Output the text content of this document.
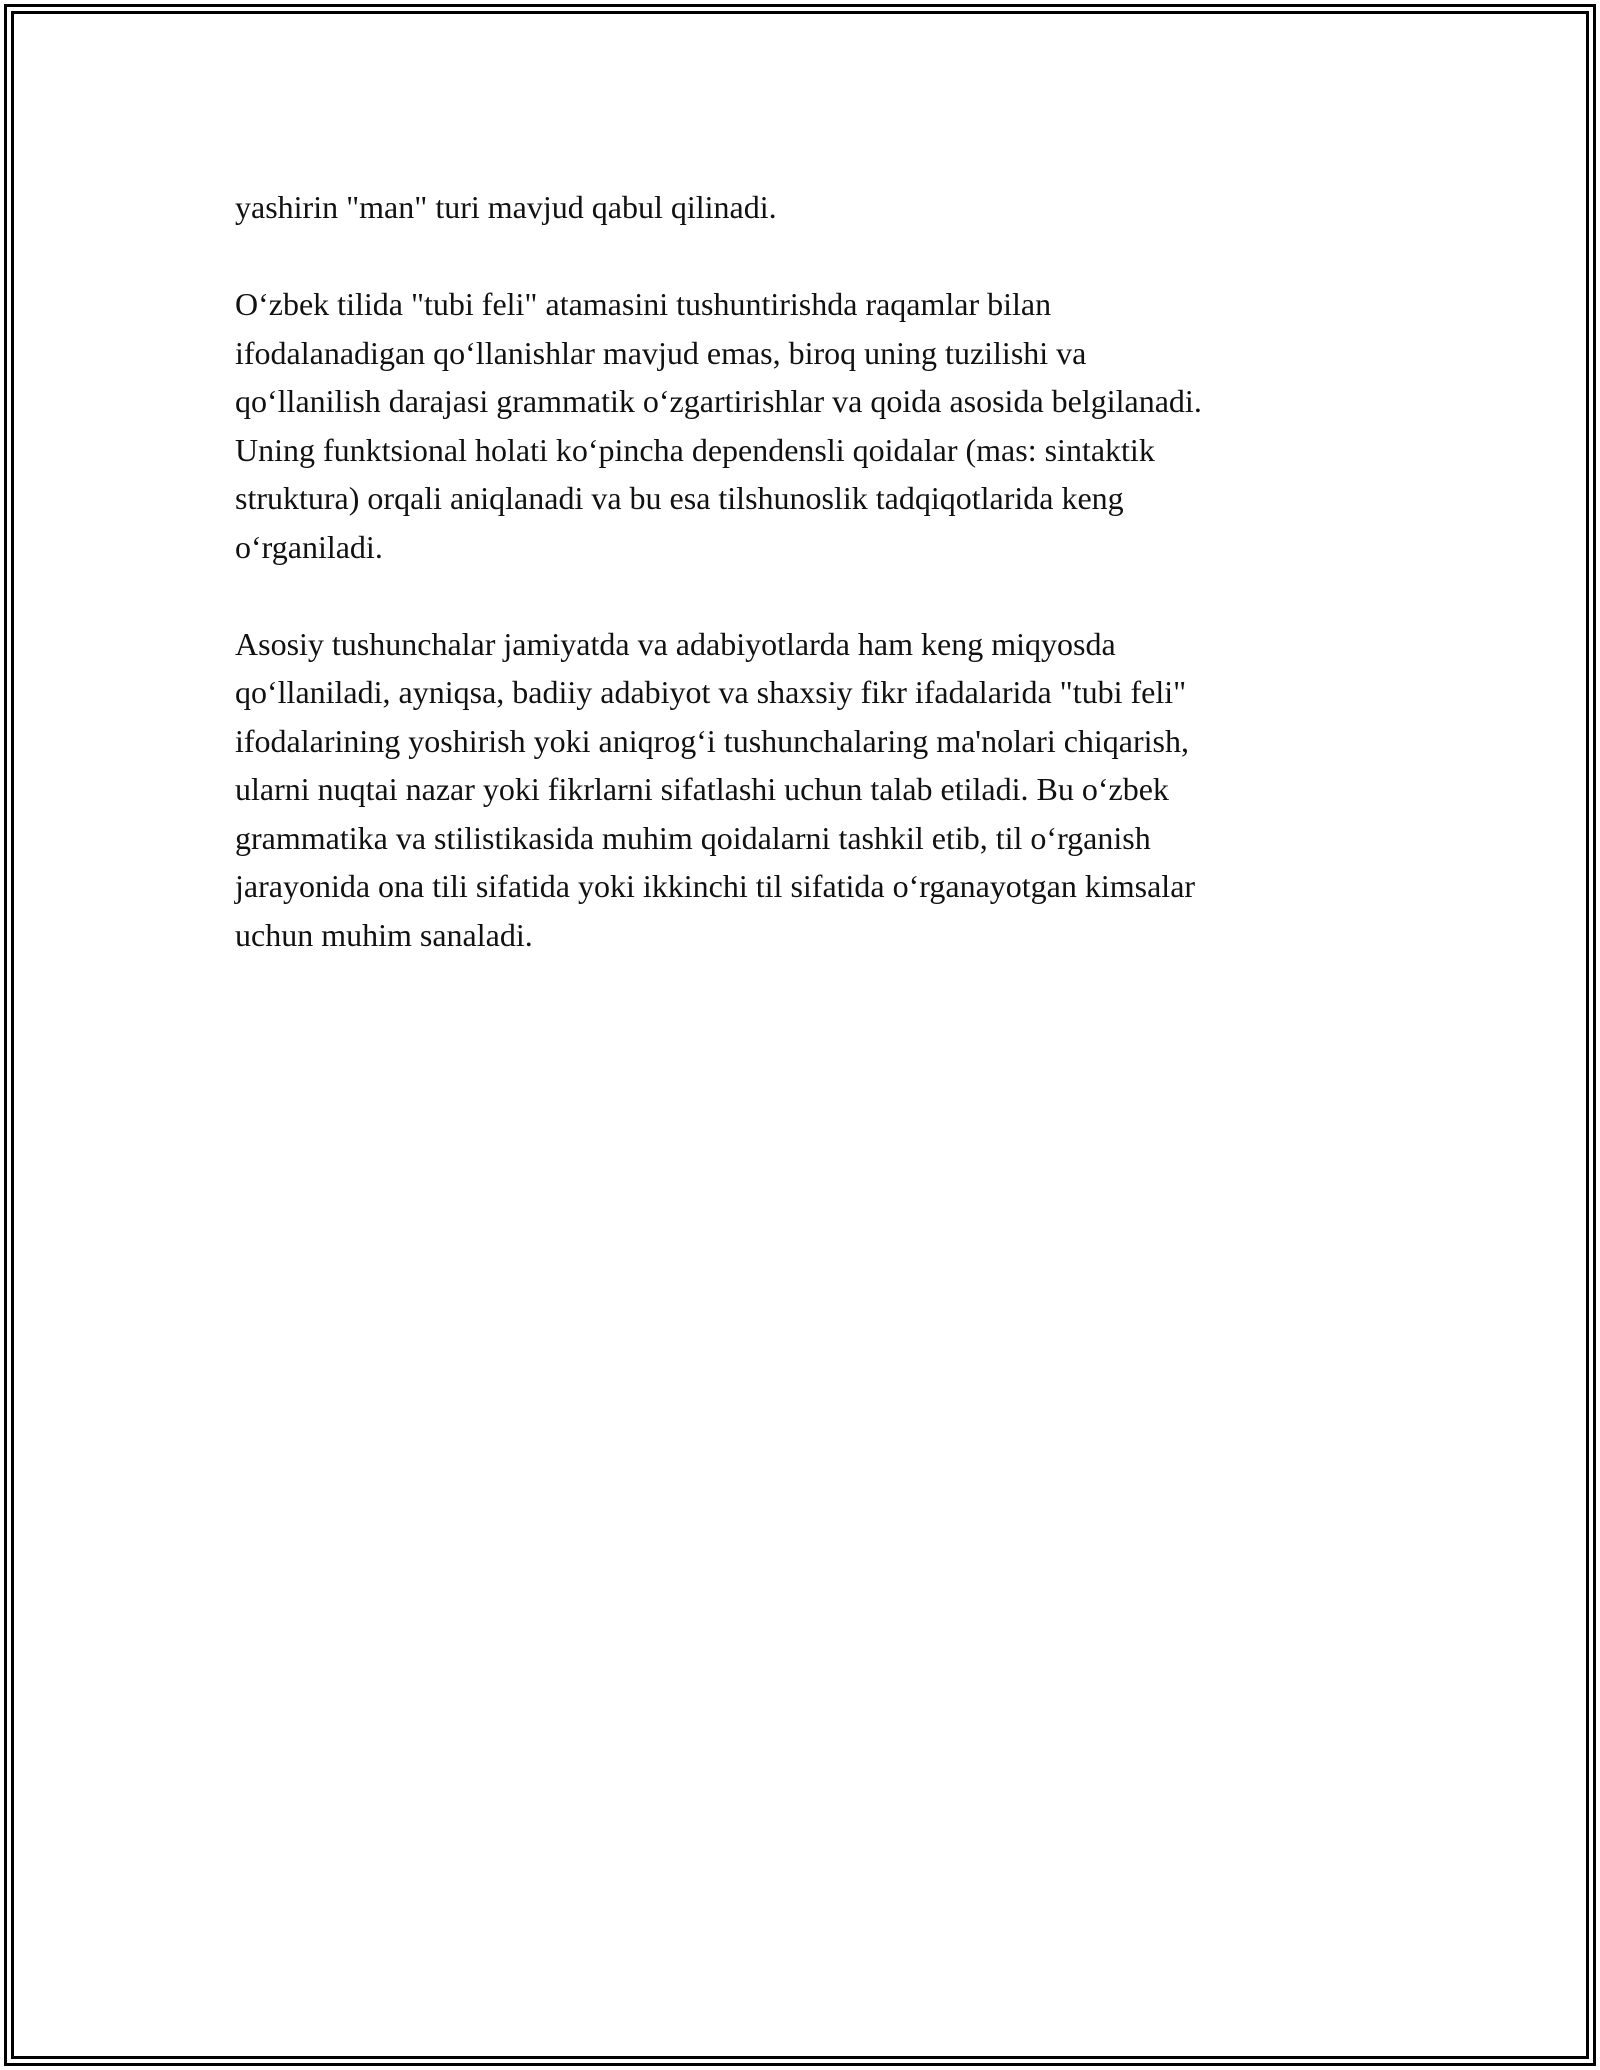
yashirin "man" turi mavjud qabul qilinadi.

O‘zbek tilida "tubi feli" atamasini tushuntirishda raqamlar bilan
ifodalanadigan qo‘llanishlar mavjud emas, biroq uning tuzilishi va
qo‘llanilish darajasi grammatik o‘zgartirishlar va qoida asosida belgilanadi.
Uning funktsional holati ko‘pincha dependensli qoidalar (mas: sintaktik
struktura) orqali aniqlanadi va bu esa tilshunoslik tadqiqotlarida keng
o‘rganiladi.

Asosiy tushunchalar jamiyatda va adabiyotlarda ham keng miqyosda
qo‘llaniladi, ayniqsa, badiiy adabiyot va shaxsiy fikr ifadalarida "tubi feli"
ifodalarining yoshirish yoki aniqrog‘i tushunchalaring ma'nolari chiqarish,
ularni nuqtai nazar yoki fikrlarni sifatlashi uchun talab etiladi. Bu o‘zbek
grammatika va stilistikasida muhim qoidalarni tashkil etib, til o‘rganish
jarayonida ona tili sifatida yoki ikkinchi til sifatida o‘rganayotgan kimsalar
uchun muhim sanaladi.
